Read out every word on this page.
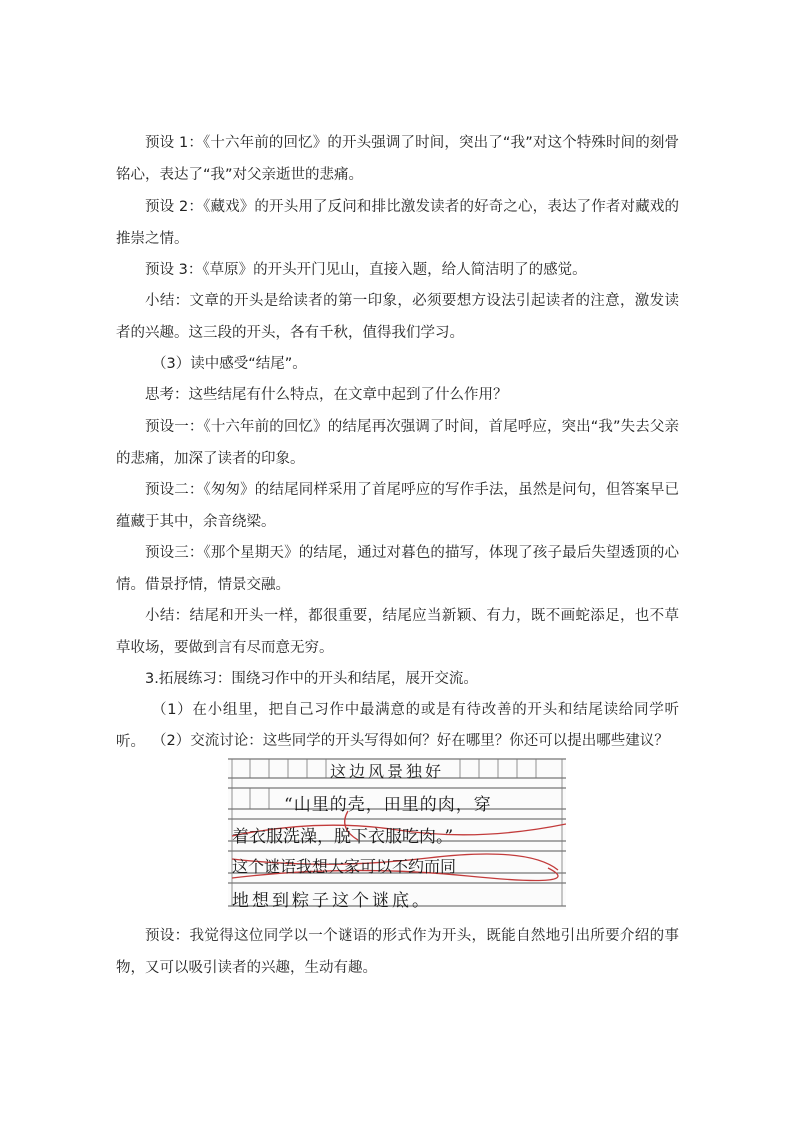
预设 1：《十六年前的回忆》的开头强调了时间，突出了“我”对这个特殊时间的刻骨铭心，表达了“我”对父亲逝世的悲痛。

预设 2：《藏戏》的开头用了反问和排比激发读者的好奇之心，表达了作者对藏戏的推崇之情。

预设 3：《草原》的开头开门见山，直接入题，给人简洁明了的感觉。

小结：文章的开头是给读者的第一印象，必须要想方设法引起读者的注意，激发读者的兴趣。这三段的开头，各有千秋，值得我们学习。

（3）读中感受“结尾”。

思考：这些结尾有什么特点，在文章中起到了什么作用？

预设一：《十六年前的回忆》的结尾再次强调了时间，首尾呼应，突出“我”失去父亲的悲痛，加深了读者的印象。

预设二：《匆匆》的结尾同样采用了首尾呼应的写作手法，虽然是问句，但答案早已蕴藏于其中，余音绕梁。

预设三：《那个星期天》的结尾，通过对暮色的描写，体现了孩子最后失望透顶的心情。借景抒情，情景交融。

小结：结尾和开头一样，都很重要，结尾应当新颖、有力，既不画蛇添足，也不草草收场，要做到言有尽而意无穷。

3.拓展练习：围绕习作中的开头和结尾，展开交流。

（1）在小组里，把自己习作中最满意的或是有待改善的开头和结尾读给同学听听。 （2）交流讨论：这些同学的开头写得如何？好在哪里？你还可以提出哪些建议？

这边风景独好
“山里的壳，田里的肉，穿
着衣服洗澡，脱下衣服吃肉。”
这个谜语我想大家可以不约而同
地想到粽子这个谜底。

预设：我觉得这位同学以一个谜语的形式作为开头，既能自然地引出所要介绍的事物，又可以吸引读者的兴趣，生动有趣。
